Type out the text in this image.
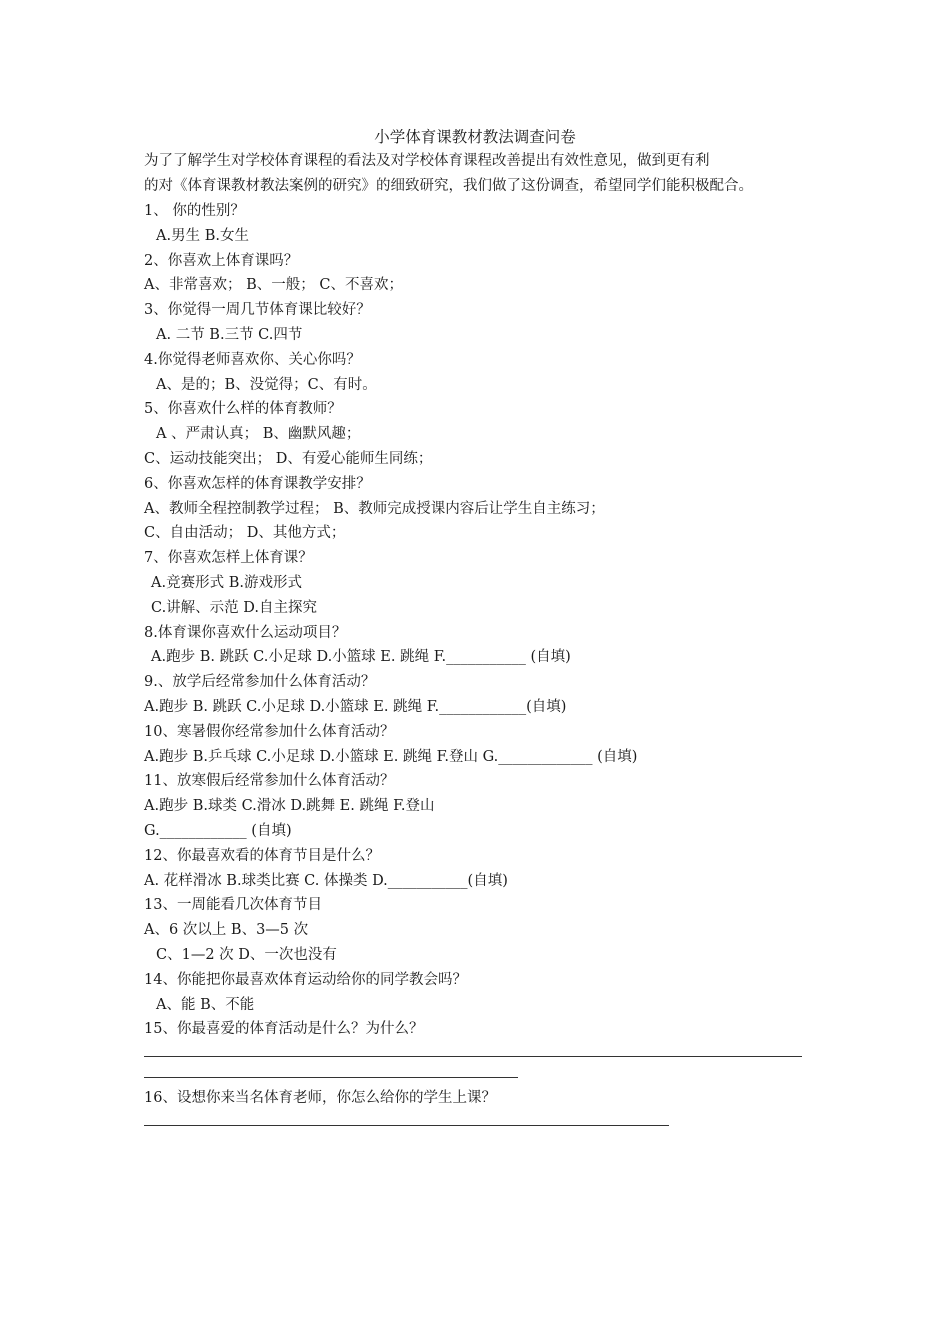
小学体育课教材教法调查问卷
为了了解学生对学校体育课程的看法及对学校体育课程改善提出有效性意见，做到更有利
的对《体育课教材教法案例的研究》的细致研究，我们做了这份调查，希望同学们能积极配合。
1、 你的性别？
A.男生 B.女生
2、你喜欢上体育课吗？
A、非常喜欢； B、一般； C、不喜欢；
3、你觉得一周几节体育课比较好？
A. 二节 B.三节 C.四节
4.你觉得老师喜欢你、关心你吗？
A、是的；B、没觉得；C、有时。
5、你喜欢什么样的体育教师？
A 、严肃认真； B、幽默风趣；
C、运动技能突出； D、有爱心能师生同练；
6、你喜欢怎样的体育课教学安排？
A、教师全程控制教学过程； B、教师完成授课内容后让学生自主练习；
C、自由活动； D、其他方式；
7、你喜欢怎样上体育课？
A.竞赛形式 B.游戏形式
C.讲解、示范 D.自主探究
8.体育课你喜欢什么运动项目？
A.跑步 B. 跳跃 C.小足球 D.小篮球 E. 跳绳 F.___________ (自填)
9.、放学后经常参加什么体育活动？
A.跑步 B. 跳跃 C.小足球 D.小篮球 E. 跳绳 F.____________(自填)
10、寒暑假你经常参加什么体育活动？
A.跑步 B.乒乓球 C.小足球 D.小篮球 E. 跳绳 F.登山 G._____________ (自填)
11、放寒假后经常参加什么体育活动？
A.跑步 B.球类 C.滑冰 D.跳舞 E. 跳绳 F.登山
G.____________ (自填)
12、你最喜欢看的体育节目是什么？
A. 花样滑冰 B.球类比赛 C. 体操类 D.___________(自填)
13、一周能看几次体育节目
A、6 次以上 B、3—5 次
C、1—2 次 D、一次也没有
14、你能把你最喜欢体育运动给你的同学教会吗？
A、能 B、不能
15、你最喜爱的体育活动是什么？为什么？
16、设想你来当名体育老师，你怎么给你的学生上课？
